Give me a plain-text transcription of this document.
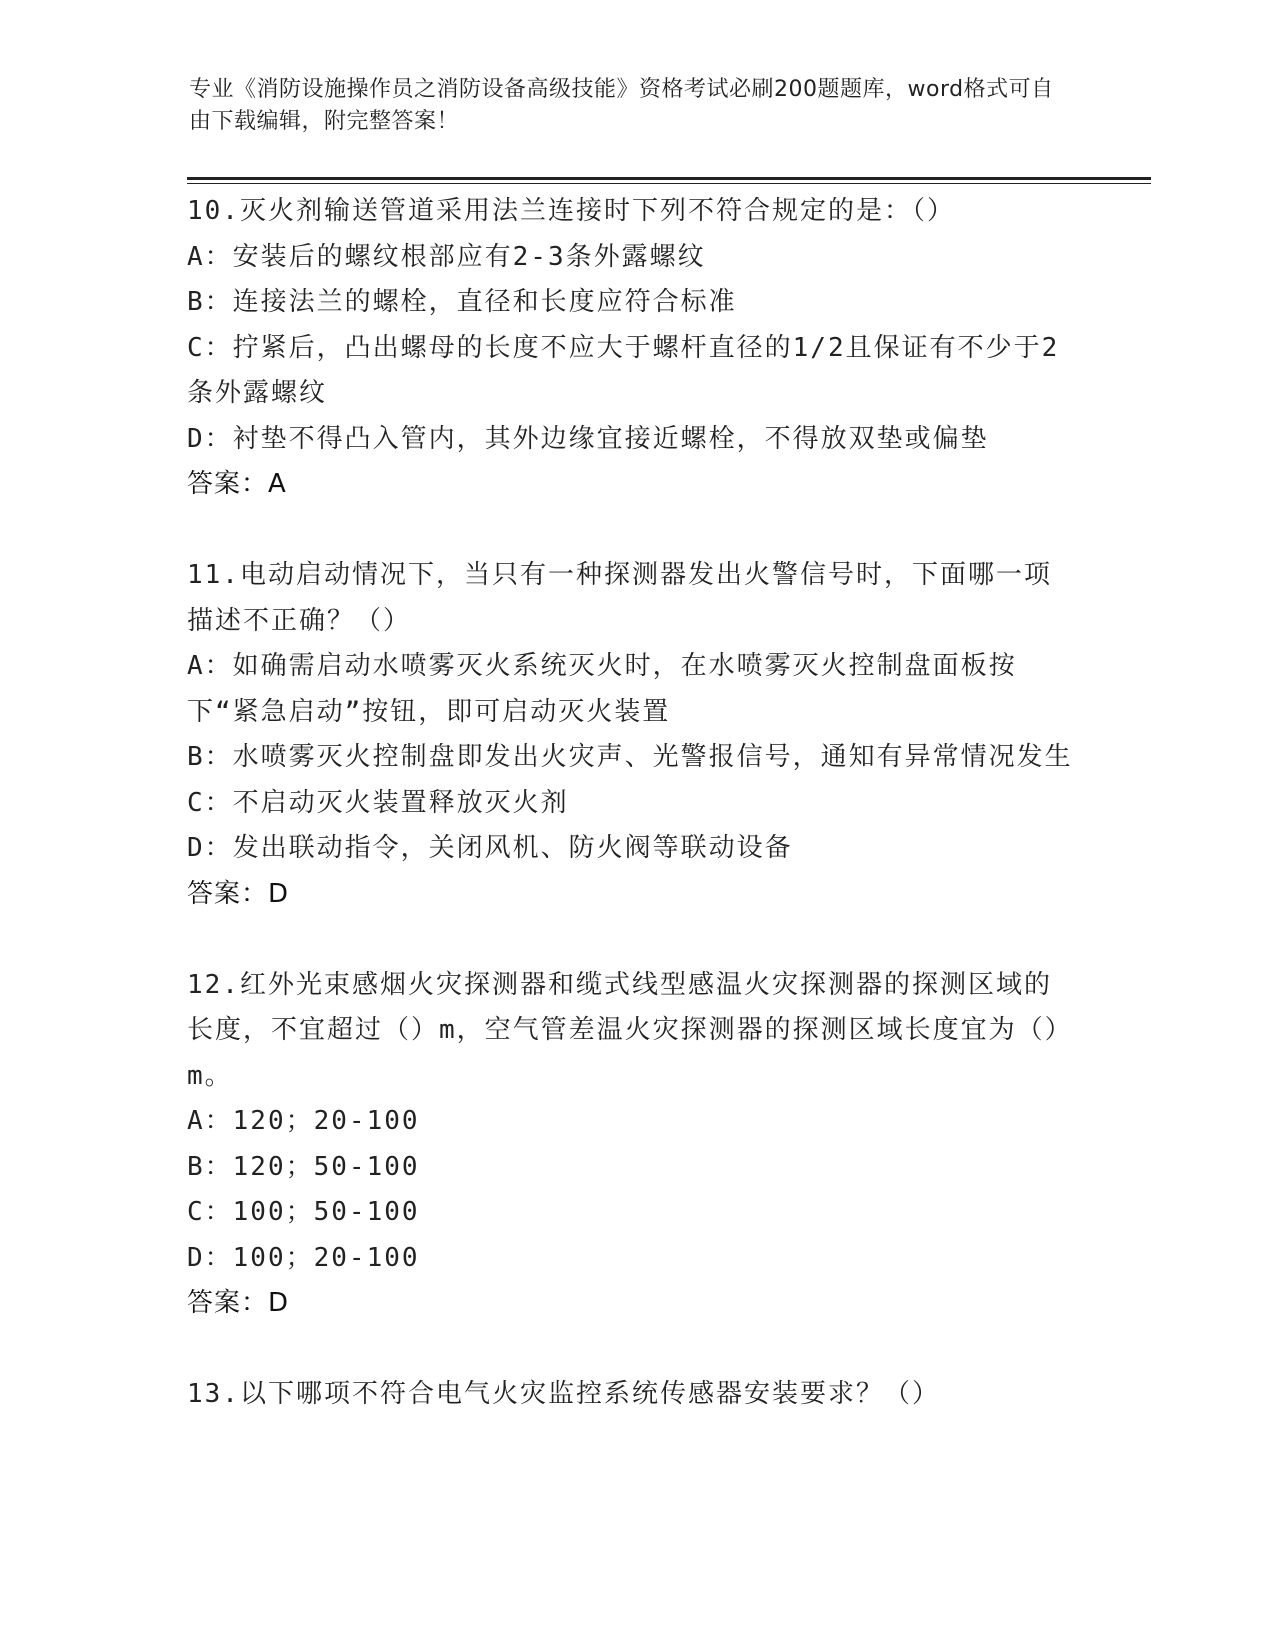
专业《消防设施操作员之消防设备高级技能》资格考试必刷200题题库，word格式可自由下载编辑，附完整答案！
10.灭火剂输送管道采用法兰连接时下列不符合规定的是：（）
A：安装后的螺纹根部应有2-3条外露螺纹
B：连接法兰的螺栓，直径和长度应符合标准
C：拧紧后，凸出螺母的长度不应大于螺杆直径的1/2且保证有不少于2条外露螺纹
D：衬垫不得凸入管内，其外边缘宜接近螺栓，不得放双垫或偏垫
答案：A
11.电动启动情况下，当只有一种探测器发出火警信号时，下面哪一项描述不正确？（）
A：如确需启动水喷雾灭火系统灭火时，在水喷雾灭火控制盘面板按下“紧急启动”按钮，即可启动灭火装置
B：水喷雾灭火控制盘即发出火灾声、光警报信号，通知有异常情况发生
C：不启动灭火装置释放灭火剂
D：发出联动指令，关闭风机、防火阀等联动设备
答案：D
12.红外光束感烟火灾探测器和缆式线型感温火灾探测器的探测区域的长度，不宜超过（）m，空气管差温火灾探测器的探测区域长度宜为（）m。
A：120；20-100
B：120；50-100
C：100；50-100
D：100；20-100
答案：D
13.以下哪项不符合电气火灾监控系统传感器安装要求？（）
